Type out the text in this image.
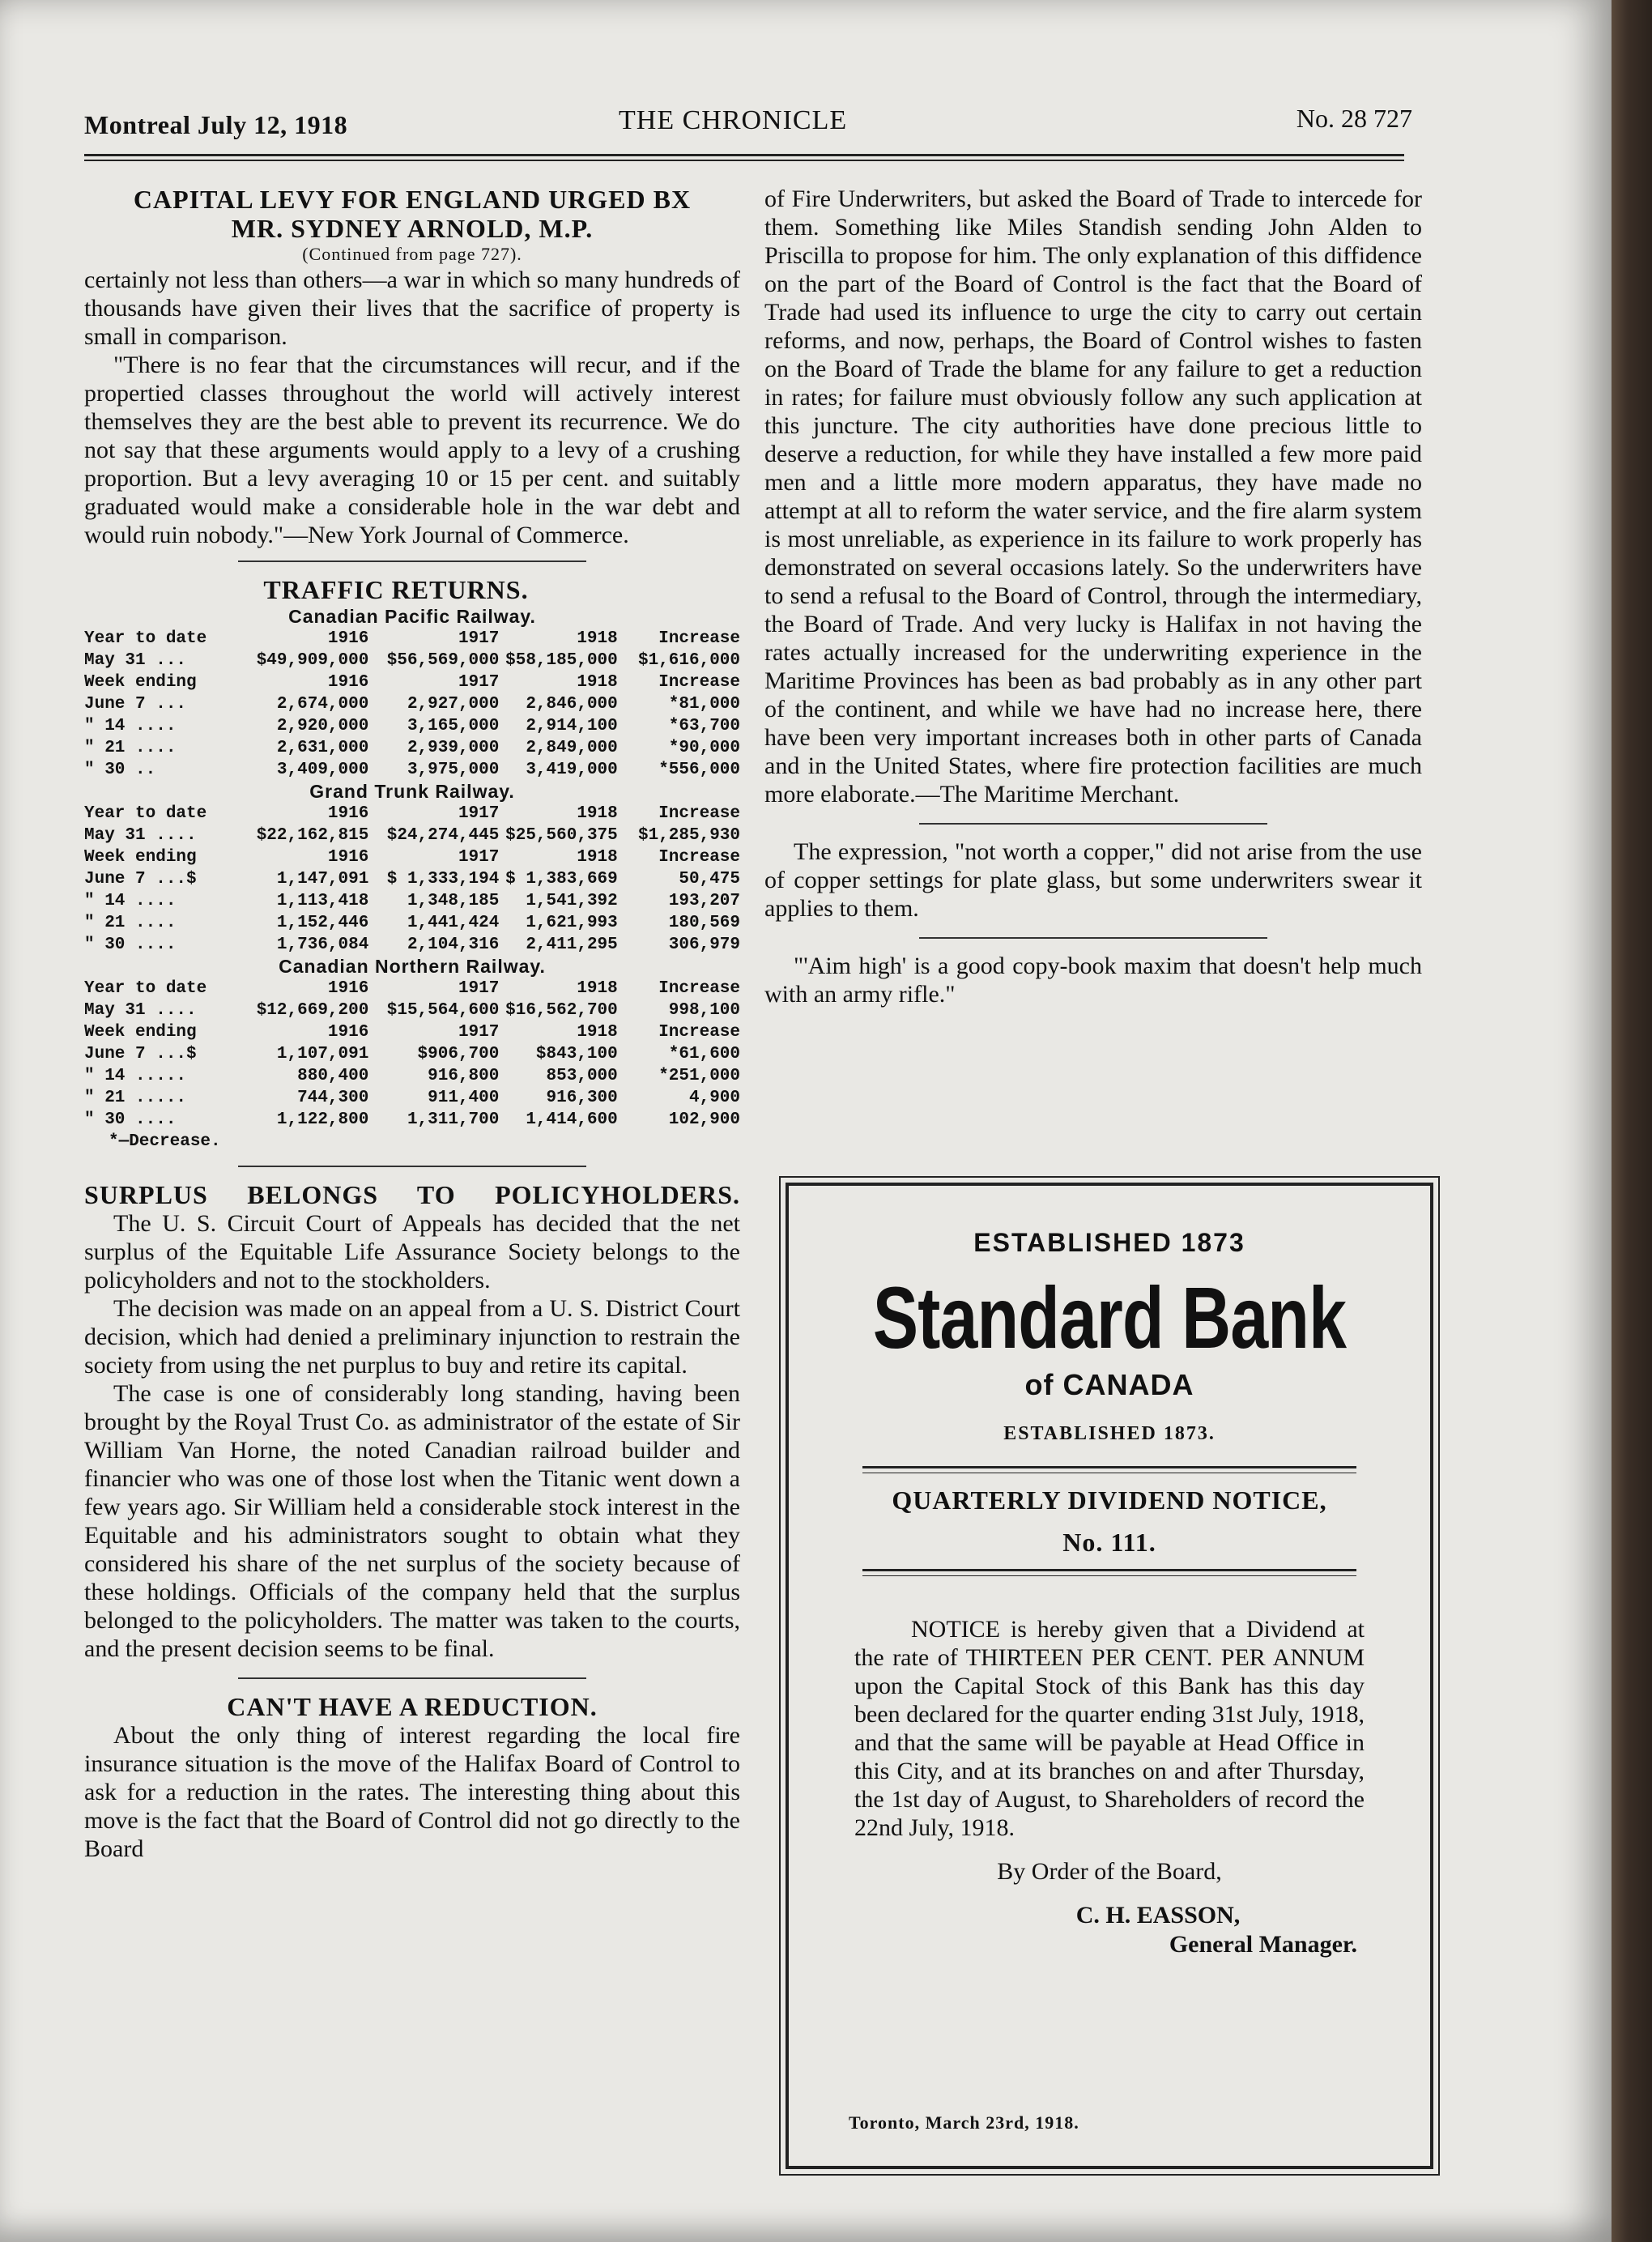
Montreal July 12, 1918	THE CHRONICLE	No. 28 727
CAPITAL LEVY FOR ENGLAND URGED BX
MR. SYDNEY ARNOLD, M.P.
(Continued from page 727).

certainly not less than others—a war in which so many hundreds of thousands have given their lives that the sacrifice of property is small in comparison.

"There is no fear that the circumstances will recur, and if the propertied classes throughout the world will actively interest themselves they are the best able to prevent its recurrence. We do not say that these arguments would apply to a levy of a crushing proportion. But a levy averaging 10 or 15 per cent. and suitably graduated would make a considerable hole in the war debt and would ruin nobody."—New York Journal of Commerce.

TRAFFIC RETURNS.
Canadian Pacific Railway.
Year to date	1916	1917	1918	Increase
May 31 ...	$49,909,000	$56,569,000 $58,185,000	$1,616,000
Week ending	1916	1917	1918	Increase
June 7 ...	2,674,000	2,927,000	2,846,000	*81,000
" 14 ....	2,920,000	3,165,000	2,914,100	*63,700
" 21 ....	2,631,000	2,939,000	2,849,000	*90,000
" 30 ..	3,409,000	3,975,000	3,419,000	*556,000
Grand Trunk Railway.
Year to date	1916	1917	1918	Increase
May 31 ....	$22,162,815	$24,274,445 $25,560,375	$1,285,930
Week ending	1916	1917	1918	Increase
June 7 ...$	1,147,091	$ 1,333,194 $ 1,383,669	50,475
" 14 ....	1,113,418	1,348,185	1,541,392	193,207
" 21 ....	1,152,446	1,441,424	1,621,993	180,569
" 30 ....	1,736,084	2,104,316	2,411,295	306,979
Canadian Northern Railway.
Year to date	1916	1917	1918	Increase
May 31 ....	$12,669,200	$15,564,600 $16,562,700	998,100
Week ending	1916	1917	1918	Increase
June 7 ...$	1,107,091	$906,700	$843,100	*61,600
" 14 .....	880,400	916,800	853,000	*251,000
" 21 .....	744,300	911,400	916,300	4,900
" 30 ....	1,122,800	1,311,700	1,414,600	102,900
*—Decrease.
SURPLUS BELONGS TO POLICYHOLDERS.

The U. S. Circuit Court of Appeals has decided that the net surplus of the Equitable Life Assurance Society belongs to the policyholders and not to the stockholders.

The decision was made on an appeal from a U. S. District Court decision, which had denied a preliminary injunction to restrain the society from using the net purplus to buy and retire its capital.

The case is one of considerably long standing, having been brought by the Royal Trust Co. as administrator of the estate of Sir William Van Horne, the noted Canadian railroad builder and financier who was one of those lost when the Titanic went down a few years ago. Sir William held a considerable stock interest in the Equitable and his administrators sought to obtain what they considered his share of the net surplus of the society because of these holdings. Officials of the company held that the surplus belonged to the policyholders. The matter was taken to the courts, and the present decision seems to be final.

CAN'T HAVE A REDUCTION.

About the only thing of interest regarding the local fire insurance situation is the move of the Halifax Board of Control to ask for a reduction in the rates. The interesting thing about this move is the fact that the Board of Control did not go directly to the Board

of Fire Underwriters, but asked the Board of Trade to intercede for them. Something like Miles Standish sending John Alden to Priscilla to propose for him. The only explanation of this diffidence on the part of the Board of Control is the fact that the Board of Trade had used its influence to urge the city to carry out certain reforms, and now, perhaps, the Board of Control wishes to fasten on the Board of Trade the blame for any failure to get a reduction in rates; for failure must obviously follow any such application at this juncture. The city authorities have done precious little to deserve a reduction, for while they have installed a few more paid men and a little more modern apparatus, they have made no attempt at all to reform the water service, and the fire alarm system is most unreliable, as experience in its failure to work properly has demonstrated on several occasions lately. So the underwriters have to send a refusal to the Board of Control, through the intermediary, the Board of Trade. And very lucky is Halifax in not having the rates actually increased for the underwriting experience in the Maritime Provinces has been as bad probably as in any other part of the continent, and while we have had no increase here, there have been very important increases both in other parts of Canada and in the United States, where fire protection facilities are much more elaborate.—The Maritime Merchant.

The expression, "not worth a copper," did not arise from the use of copper settings for plate glass, but some underwriters swear it applies to them.

"'Aim high' is a good copy-book maxim that doesn't help much with an army rifle."

ESTABLISHED 1873
Standard Bank
of CANADA
ESTABLISHED 1873.
QUARTERLY DIVIDEND NOTICE,
No. 111.

NOTICE is hereby given that a Dividend at the rate of THIRTEEN PER CENT. PER ANNUM upon the Capital Stock of this Bank has this day been declared for the quarter ending 31st July, 1918, and that the same will be payable at Head Office in this City, and at its branches on and after Thursday, the 1st day of August, to Shareholders of record the 22nd July, 1918.

By Order of the Board,
C. H. EASSON,
General Manager.
Toronto, March 23rd, 1918.
